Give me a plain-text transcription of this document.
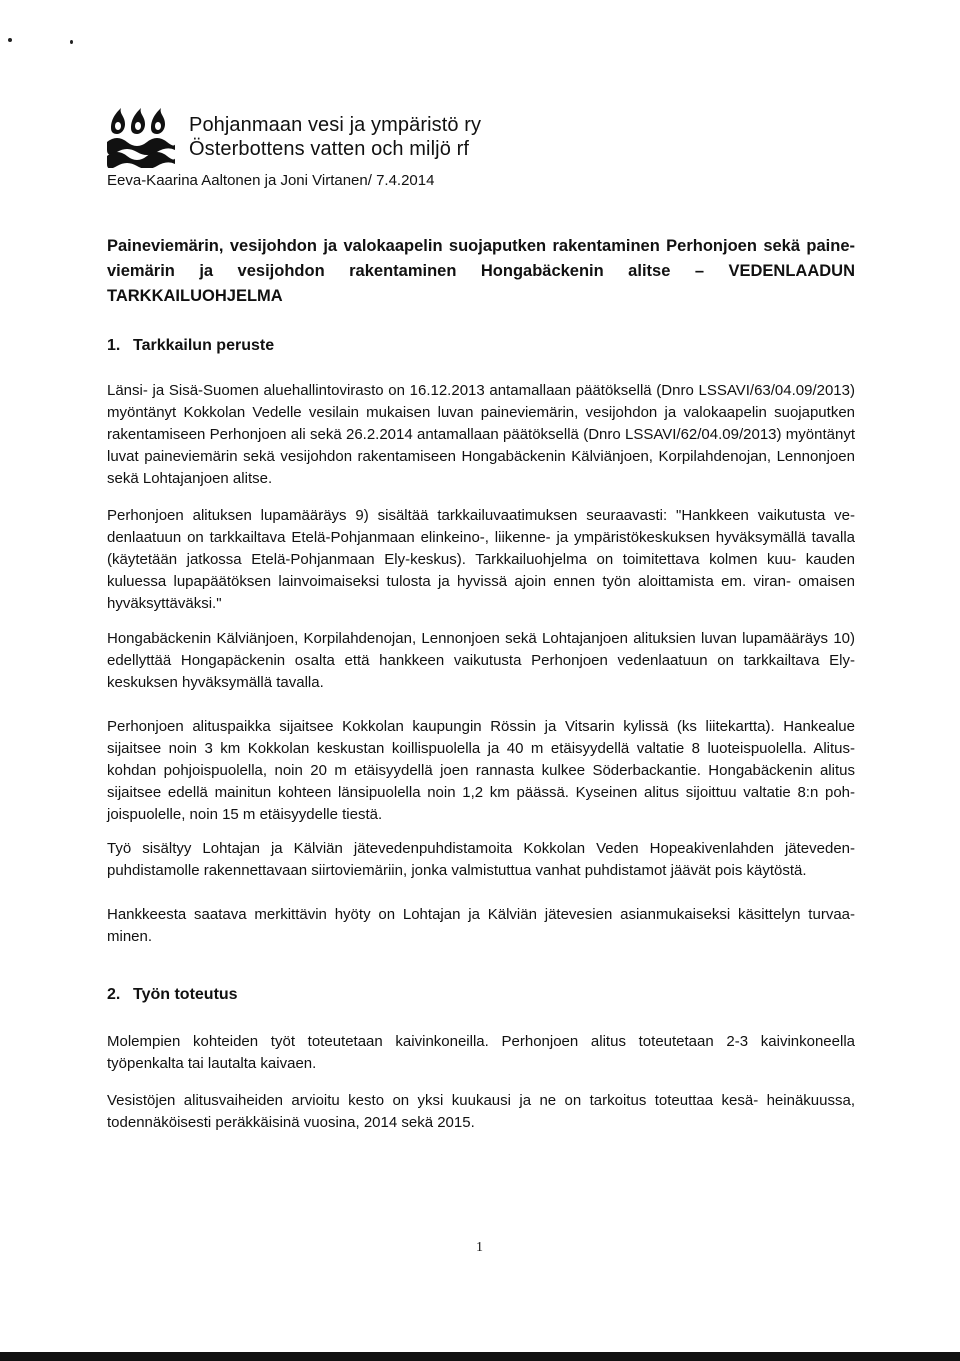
Pohjanmaan vesi ja ympäristö ry
Österbottens vatten och miljö rf
Eeva-Kaarina Aaltonen ja Joni Virtanen/ 7.4.2014
Paineviemärin, vesijohdon ja valokaapelin suojaputken rakentaminen Perhonjoen sekä paine- viemärin ja vesijohdon rakentaminen Hongabäckenin alitse – VEDENLAADUN TARKKAILUOHJELMA
1. Tarkkailun peruste
Länsi- ja Sisä-Suomen aluehallintovirasto on 16.12.2013 antamallaan päätöksellä (Dnro LSSAVI/63/04.09/2013) myöntänyt Kokkolan Vedelle vesilain mukaisen luvan paineviemärin, vesijohdon ja valokaapelin suojaputken rakentamiseen Perhonjoen ali sekä 26.2.2014 antamallaan päätöksellä (Dnro LSSAVI/62/04.09/2013) myöntänyt luvat paineviemärin sekä vesijohdon rakentamiseen Hongabäckenin Kälviänjoen, Korpilahdenojan, Lennonjoen sekä Lohtajanjoen alitse.
Perhonjoen alituksen lupamääräys 9) sisältää tarkkailuvaatimuksen seuraavasti: "Hankkeen vaikutusta ve- denlaatuun on tarkkailtava Etelä-Pohjanmaan elinkeino-, liikenne- ja ympäristökeskuksen hyväksymällä tavalla (käytetään jatkossa Etelä-Pohjanmaan Ely-keskus). Tarkkailuohjelma on toimitettava kolmen kuu- kauden kuluessa lupapäätöksen lainvoimaiseksi tulosta ja hyvissä ajoin ennen työn aloittamista em. viran- omaisen hyväksyttäväksi."
Hongabäckenin Kälviänjoen, Korpilahdenojan, Lennonjoen sekä Lohtajanjoen alituksien luvan lupamääräys 10) edellyttää Hongapäckenin osalta että hankkeen vaikutusta Perhonjoen vedenlaatuun on tarkkailtava Ely-keskuksen hyväksymällä tavalla.
Perhonjoen alituspaikka sijaitsee Kokkolan kaupungin Rössin ja Vitsarin kylissä (ks liitekartta). Hankealue sijaitsee noin 3 km Kokkolan keskustan koillispuolella ja 40 m etäisyydellä valtatie 8 luoteispuolella. Alitus- kohdan pohjoispuolella, noin 20 m etäisyydellä joen rannasta kulkee Söderbackantie. Hongabäckenin alitus sijaitsee edellä mainitun kohteen länsipuolella noin 1,2 km päässä. Kyseinen alitus sijoittuu valtatie 8:n poh- joispuolelle, noin 15 m etäisyydelle tiestä.
Työ sisältyy Lohtajan ja Kälviän jätevedenpuhdistamoita Kokkolan Veden Hopeakivenlahden jäteveden- puhdistamolle rakennettavaan siirtoviemäriin, jonka valmistuttua vanhat puhdistamot jäävät pois käytöstä.
Hankkeesta saatava merkittävin hyöty on Lohtajan ja Kälviän jätevesien asianmukaiseksi käsittelyn turvaa- minen.
2. Työn toteutus
Molempien kohteiden työt toteutetaan kaivinkoneilla. Perhonjoen alitus toteutetaan 2-3 kaivinkoneella työpenkalta tai lautalta kaivaen.
Vesistöjen alitusvaiheiden arvioitu kesto on yksi kuukausi ja ne on tarkoitus toteuttaa kesä- heinäkuussa, todennäköisesti peräkkäisinä vuosina, 2014 sekä 2015.
1
